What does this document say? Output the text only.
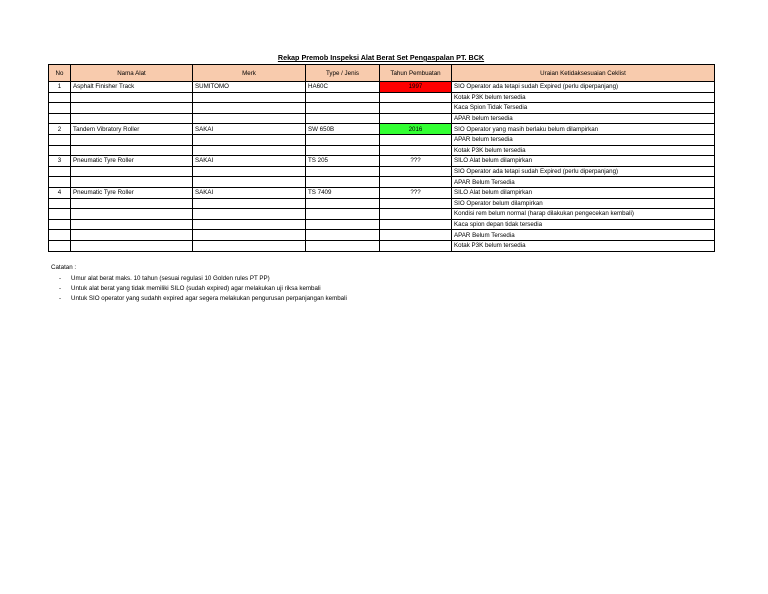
Rekap Premob Inspeksi Alat Berat Set Pengaspalan PT. BCK
No	Nama Alat	Merk	Type / Jenis	Tahun Pembuatan	Uraian Ketidaksesuaian Ceklist
1	Asphalt Finisher Track	SUMITOMO	HA60C	1997	SIO Operator ada tetapi sudah Expired (perlu diperpanjang)
					Kotak P3K belum tersedia
					Kaca Spion Tidak Tersedia
					APAR belum tersedia
2	Tandem Vibratory Roller	SAKAI	SW 650B	2016	SIO Operator yang masih berlaku belum dilampirkan
					APAR belum tersedia
					Kotak P3K belum tersedia
3	Pneumatic Tyre Roller	SAKAI	TS 205	???	SILO Alat belum dilampirkan
					SIO Operator ada tetapi sudah Expired (perlu diperpanjang)
					APAR Belum Tersedia
4	Pneumatic Tyre Roller	SAKAI	TS 7409	???	SILO Alat belum dilampirkan
					SIO Operator belum dilampirkan
					Kondisi rem belum normal (harap dilakukan pengecekan kembali)
					Kaca spion depan tidak tersedia
					APAR Belum Tersedia
					Kotak P3K belum tersedia
Catatan :
-	Umur alat berat maks. 10 tahun (sesuai regulasi 10 Golden rules PT PP)
-	Untuk alat berat yang tidak memiliki SILO (sudah expired) agar melakukan uji riksa kembali
-	Untuk SIO operator yang sudahh expired agar segera melakukan pengurusan perpanjangan kembali
